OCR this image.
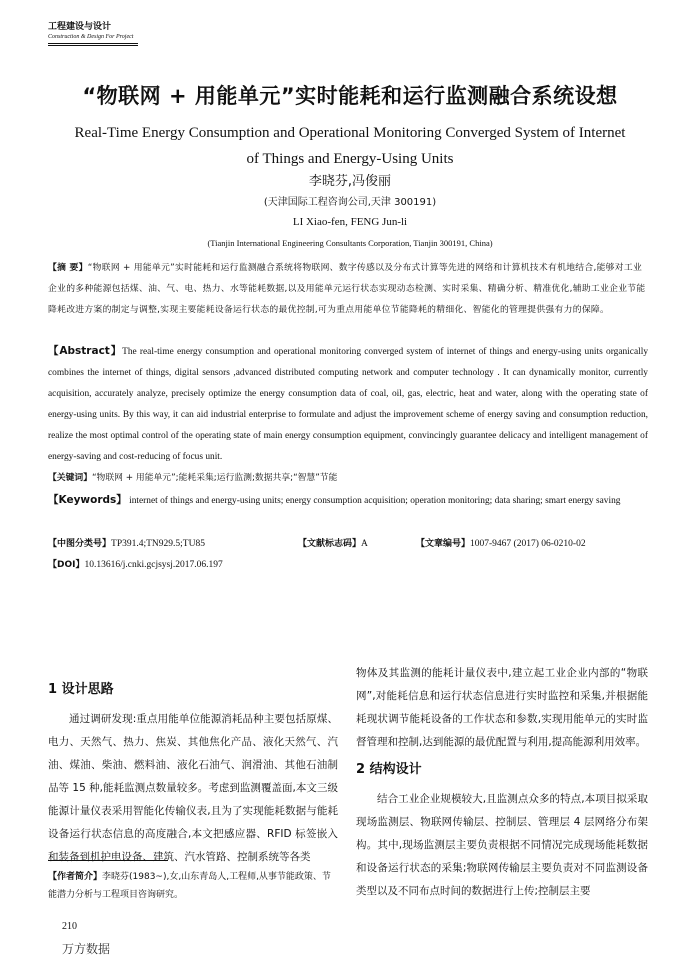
工程建设与设计
Construction & Design For Project
“物联网 + 用能单元”实时能耗和运行监测融合系统设想
Real-Time Energy Consumption and Operational Monitoring Converged System of Internet of Things and Energy-Using Units
李晓芬,冯俊丽
(天津国际工程咨询公司,天津 300191)
LI Xiao-fen, FENG Jun-li
(Tianjin International Engineering Consultants Corporation, Tianjin 300191, China)
【摘 要】“物联网 + 用能单元”实时能耗和运行监测融合系统将物联网、数字传感以及分布式计算等先进的网络和计算机技术有机地结合,能够对工业企业的多种能源包括煤、油、气、电、热力、水等能耗数据,以及用能单元运行状态实现动态检测、实时采集、精确分析、精准优化,辅助工业企业节能降耗改进方案的制定与调整,实现主要能耗设备运行状态的最优控制,可为重点用能单位节能降耗的精细化、智能化的管理提供强有力的保障。
【Abstract】The real-time energy consumption and operational monitoring converged system of internet of things and energy-using units organically combines the internet of things, digital sensors ,advanced distributed computing network and computer technology . It can dynamically monitor, currently acquisition, accurately analyze, precisely optimize the energy consumption data of coal, oil, gas, electric, heat and water, along with the operating state of energy-using units. By this way, it can aid industrial enterprise to formulate and adjust the improvement scheme of energy saving and consumption reduction, realize the most optimal control of the operating state of main energy consumption equipment, convincingly guarantee delicacy and intelligent management of energy-saving and cost-reducing of focus unit.
【关键词】“物联网 + 用能单元”;能耗采集;运行监测;数据共享;“智慧”节能
【Keywords】 internet of things and energy-using units; energy consumption acquisition; operation monitoring; data sharing; smart energy saving
【中图分类号】TP391.4;TN929.5;TU85	【文献标志码】A	【文章编号】1007-9467 (2017) 06-0210-02
【DOI】10.13616/j.cnki.gcjsysj.2017.06.197
1 设计思路
通过调研发现:重点用能单位能源消耗品种主要包括原煤、电力、天然气、热力、焦炭、其他焦化产品、液化天然气、汽油、煤油、柴油、燃料油、液化石油气、润滑油、其他石油制品等 15 种,能耗监测点数量较多。考虑到监测覆盖面,本文三级能源计量仪表采用智能化传输仪表,且为了实现能耗数据与能耗设备运行状态信息的高度融合,本文把感应器、RFID 标签嵌入和装备到机护电设备、建筑、汽水管路、控制系统等各类
物体及其监测的能耗计量仪表中,建立起工业企业内部的“物联网”,对能耗信息和运行状态信息进行实时监控和采集,并根据能耗现状调节能耗设备的工作状态和参数,实现用能单元的实时监督管理和控制,达到能源的最优配置与利用,提高能源利用效率。
2 结构设计
结合工业企业规模较大,且监测点众多的特点,本项目拟采取现场监测层、物联网传输层、控制层、管理层 4 层网络分布架构。其中,现场监测层主要负责根据不同情况完成现场能耗数据和设备运行状态的采集;物联网传输层主要负责对不同监测设备类型以及不同布点时间的数据进行上传;控制层主要
【作者简介】李晓芬(1983~),女,山东青岛人,工程师,从事节能政策、节能潜力分析与工程项目咨询研究。
210
万方数据
